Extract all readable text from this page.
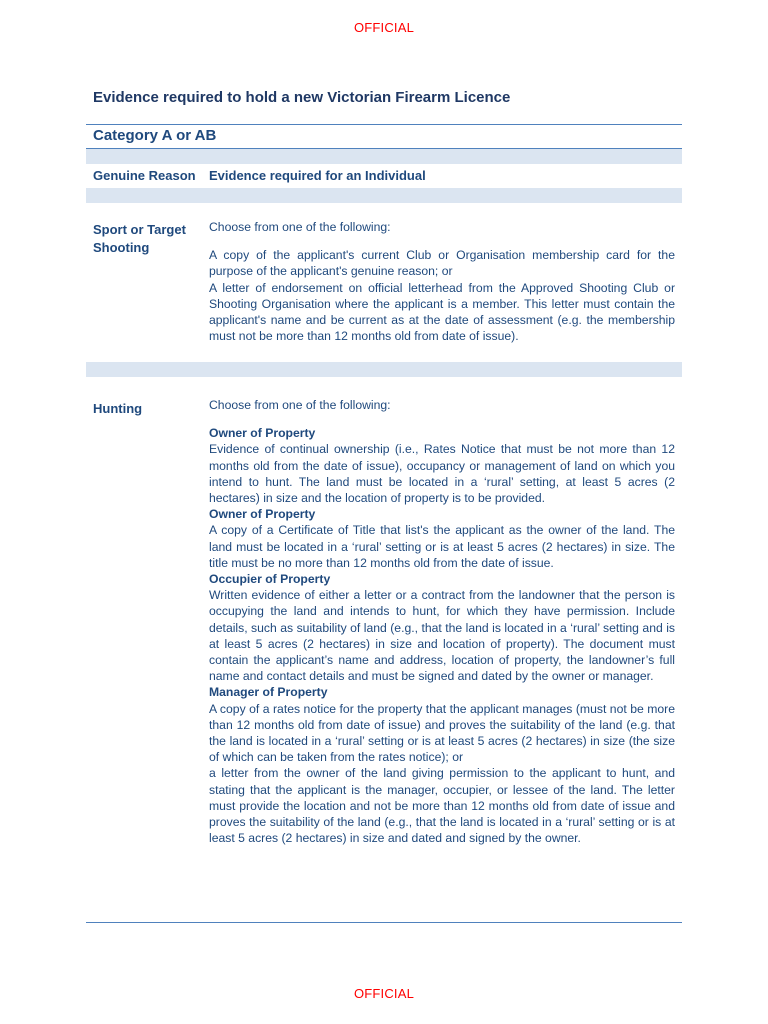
OFFICIAL
Evidence required to hold a new Victorian Firearm Licence
Category A or AB
Genuine Reason	Evidence required for an Individual
Sport or Target Shooting

Choose from one of the following:

A copy of the applicant's current Club or Organisation membership card for the purpose of the applicant's genuine reason; or

A letter of endorsement on official letterhead from the Approved Shooting Club or Shooting Organisation where the applicant is a member. This letter must contain the applicant's name and be current as at the date of assessment (e.g. the membership must not be more than 12 months old from date of issue).

Hunting	Choose from one of the following:

Owner of Property

Evidence of continual ownership (i.e., Rates Notice that must be not more than 12 months old from the date of issue), occupancy or management of land on which you intend to hunt. The land must be located in a ‘rural’ setting, at least 5 acres (2 hectares) in size and the location of property is to be provided.

Owner of Property

A copy of a Certificate of Title that list's the applicant as the owner of the land. The land must be located in a ‘rural’ setting or is at least 5 acres (2 hectares) in size. The title must be no more than 12 months old from the date of issue.

Occupier of Property

Written evidence of either a letter or a contract from the landowner that the person is occupying the land and intends to hunt, for which they have permission. Include details, such as suitability of land (e.g., that the land is located in a ‘rural’ setting and is at least 5 acres (2 hectares) in size and location of property). The document must contain the applicant’s name and address, location of property, the landowner’s full name and contact details and must be signed and dated by the owner or manager.

Manager of Property

A copy of a rates notice for the property that the applicant manages (must not be more than 12 months old from date of issue) and proves the suitability of the land (e.g. that the land is located in a ‘rural’ setting or is at least 5 acres (2 hectares) in size (the size of which can be taken from the rates notice); or

a letter from the owner of the land giving permission to the applicant to hunt, and stating that the applicant is the manager, occupier, or lessee of the land. The letter must provide the location and not be more than 12 months old from date of issue and proves the suitability of the land (e.g., that the land is located in a ‘rural’ setting or is at least 5 acres (2 hectares) in size and dated and signed by the owner.

OFFICIAL
